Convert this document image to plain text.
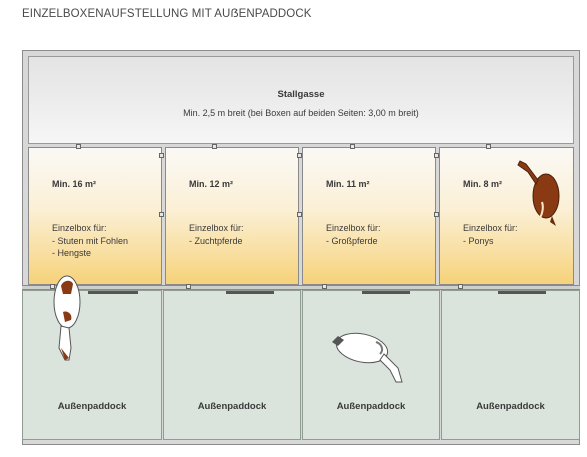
EINZELBOXENAUFSTELLUNG MIT AUẞENPADDOCK
Stallgasse
Min. 2,5 m breit (bei Boxen auf beiden Seiten: 3,00 m breit)
Min. 16 m²
Einzelbox für:
- Stuten mit Fohlen
- Hengste
Min. 12 m²
Einzelbox für:
- Zuchtpferde
Min. 11 m²
Einzelbox für:
- Großpferde
Min. 8 m²
Einzelbox für:
- Ponys
Außenpaddock	Außenpaddock	Außenpaddock	Außenpaddock
